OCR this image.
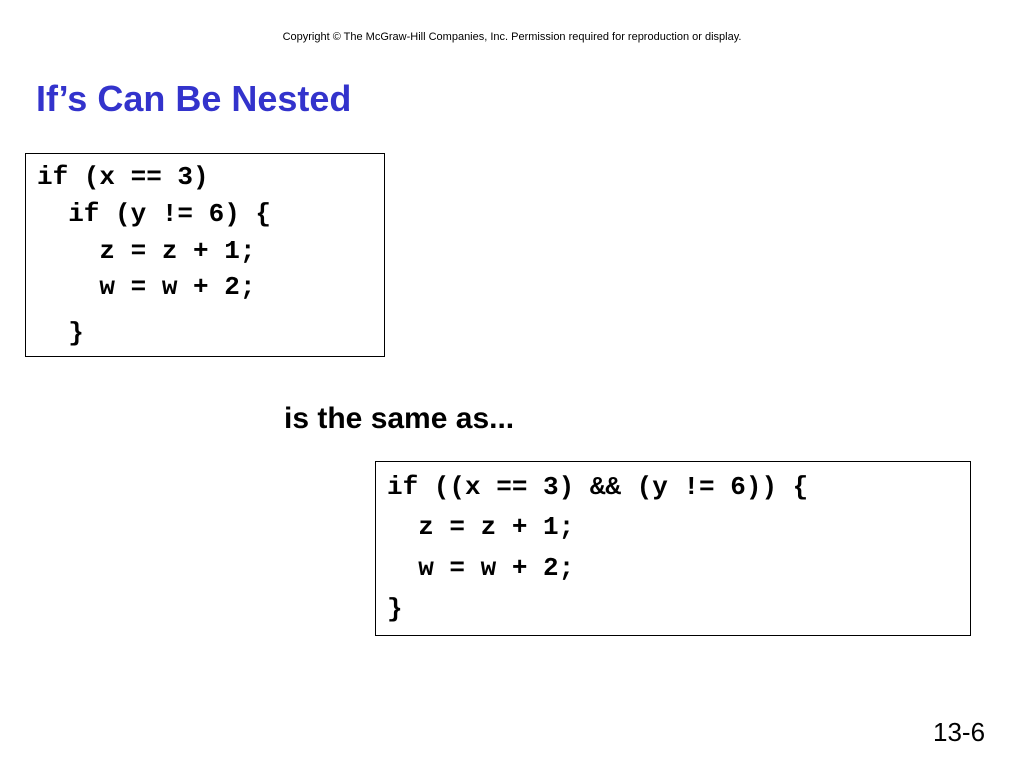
Copyright © The McGraw-Hill Companies, Inc. Permission required for reproduction or display.
If’s Can Be Nested
if (x == 3)
if (y != 6) {
z = z + 1;
w = w + 2;
}
is the same as...
if ((x == 3) && (y != 6)) {
z = z + 1;
w = w + 2;
}
13-6
